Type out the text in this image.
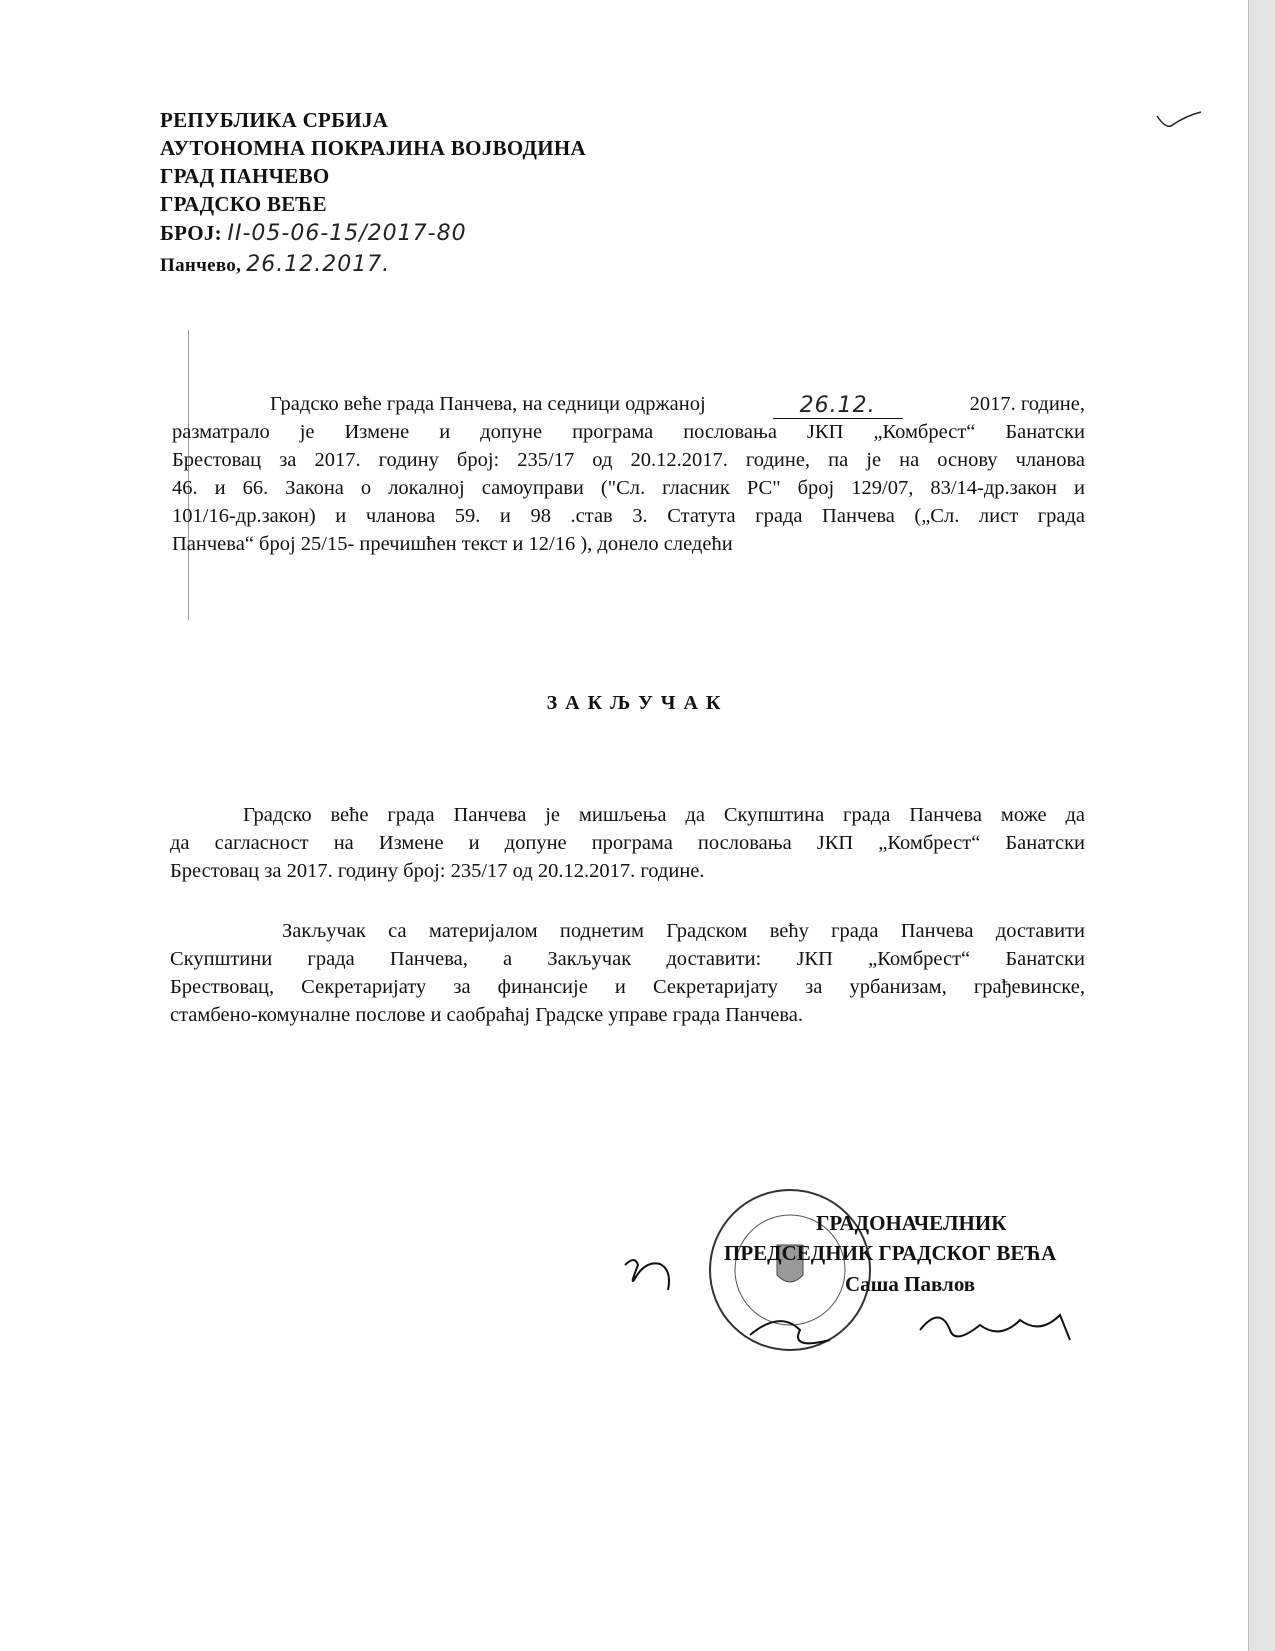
РЕПУБЛИКА СРБИЈА
АУТОНОМНА ПОКРАЈИНА ВОЈВОДИНА
ГРАД ПАНЧЕВО
ГРАДСКО ВЕЋЕ
БРОЈ: II-05-06-15/2017-80
Панчево, 26.12.2017.
Градско веће града Панчева, на седници одржаној	26.12.	2017. године,
разматрало је Измене и допуне програма пословања ЈКП „Комбрест“ Банатски
Брестовац за 2017. годину број: 235/17 од 20.12.2017. године, па је на основу чланова
46. и 66. Закона о локалној самоуправи ("Сл. гласник РС" број 129/07, 83/14-др.закон и
101/16-др.закон) и чланова 59. и 98 .став 3. Статута града Панчева („Сл. лист града
Панчева“ број 25/15- пречишћен текст и 12/16 ), донело следећи
ЗАКЉУЧАК
Градско веће града Панчева је мишљења да Скупштина града Панчева може да
да сагласност на Измене и допуне програма пословања ЈКП „Комбрест“ Банатски
Брестовац за 2017. годину број: 235/17 од 20.12.2017. године.
Закључак са материјалом поднетим Градском већу града Панчева доставити
Скупштини града Панчева, а Закључак доставити: ЈКП „Комбрест“ Банатски
Брествовац, Секретаријату за финансије и Секретаријату за урбанизам, грађевинске,
стамбено-комуналне послове и саобраћај Градске управе града Панчева.
ГРАДОНАЧЕЛНИК
ПРЕДСЕДНИК ГРАДСКОГ ВЕЋА
Саша Павлов
